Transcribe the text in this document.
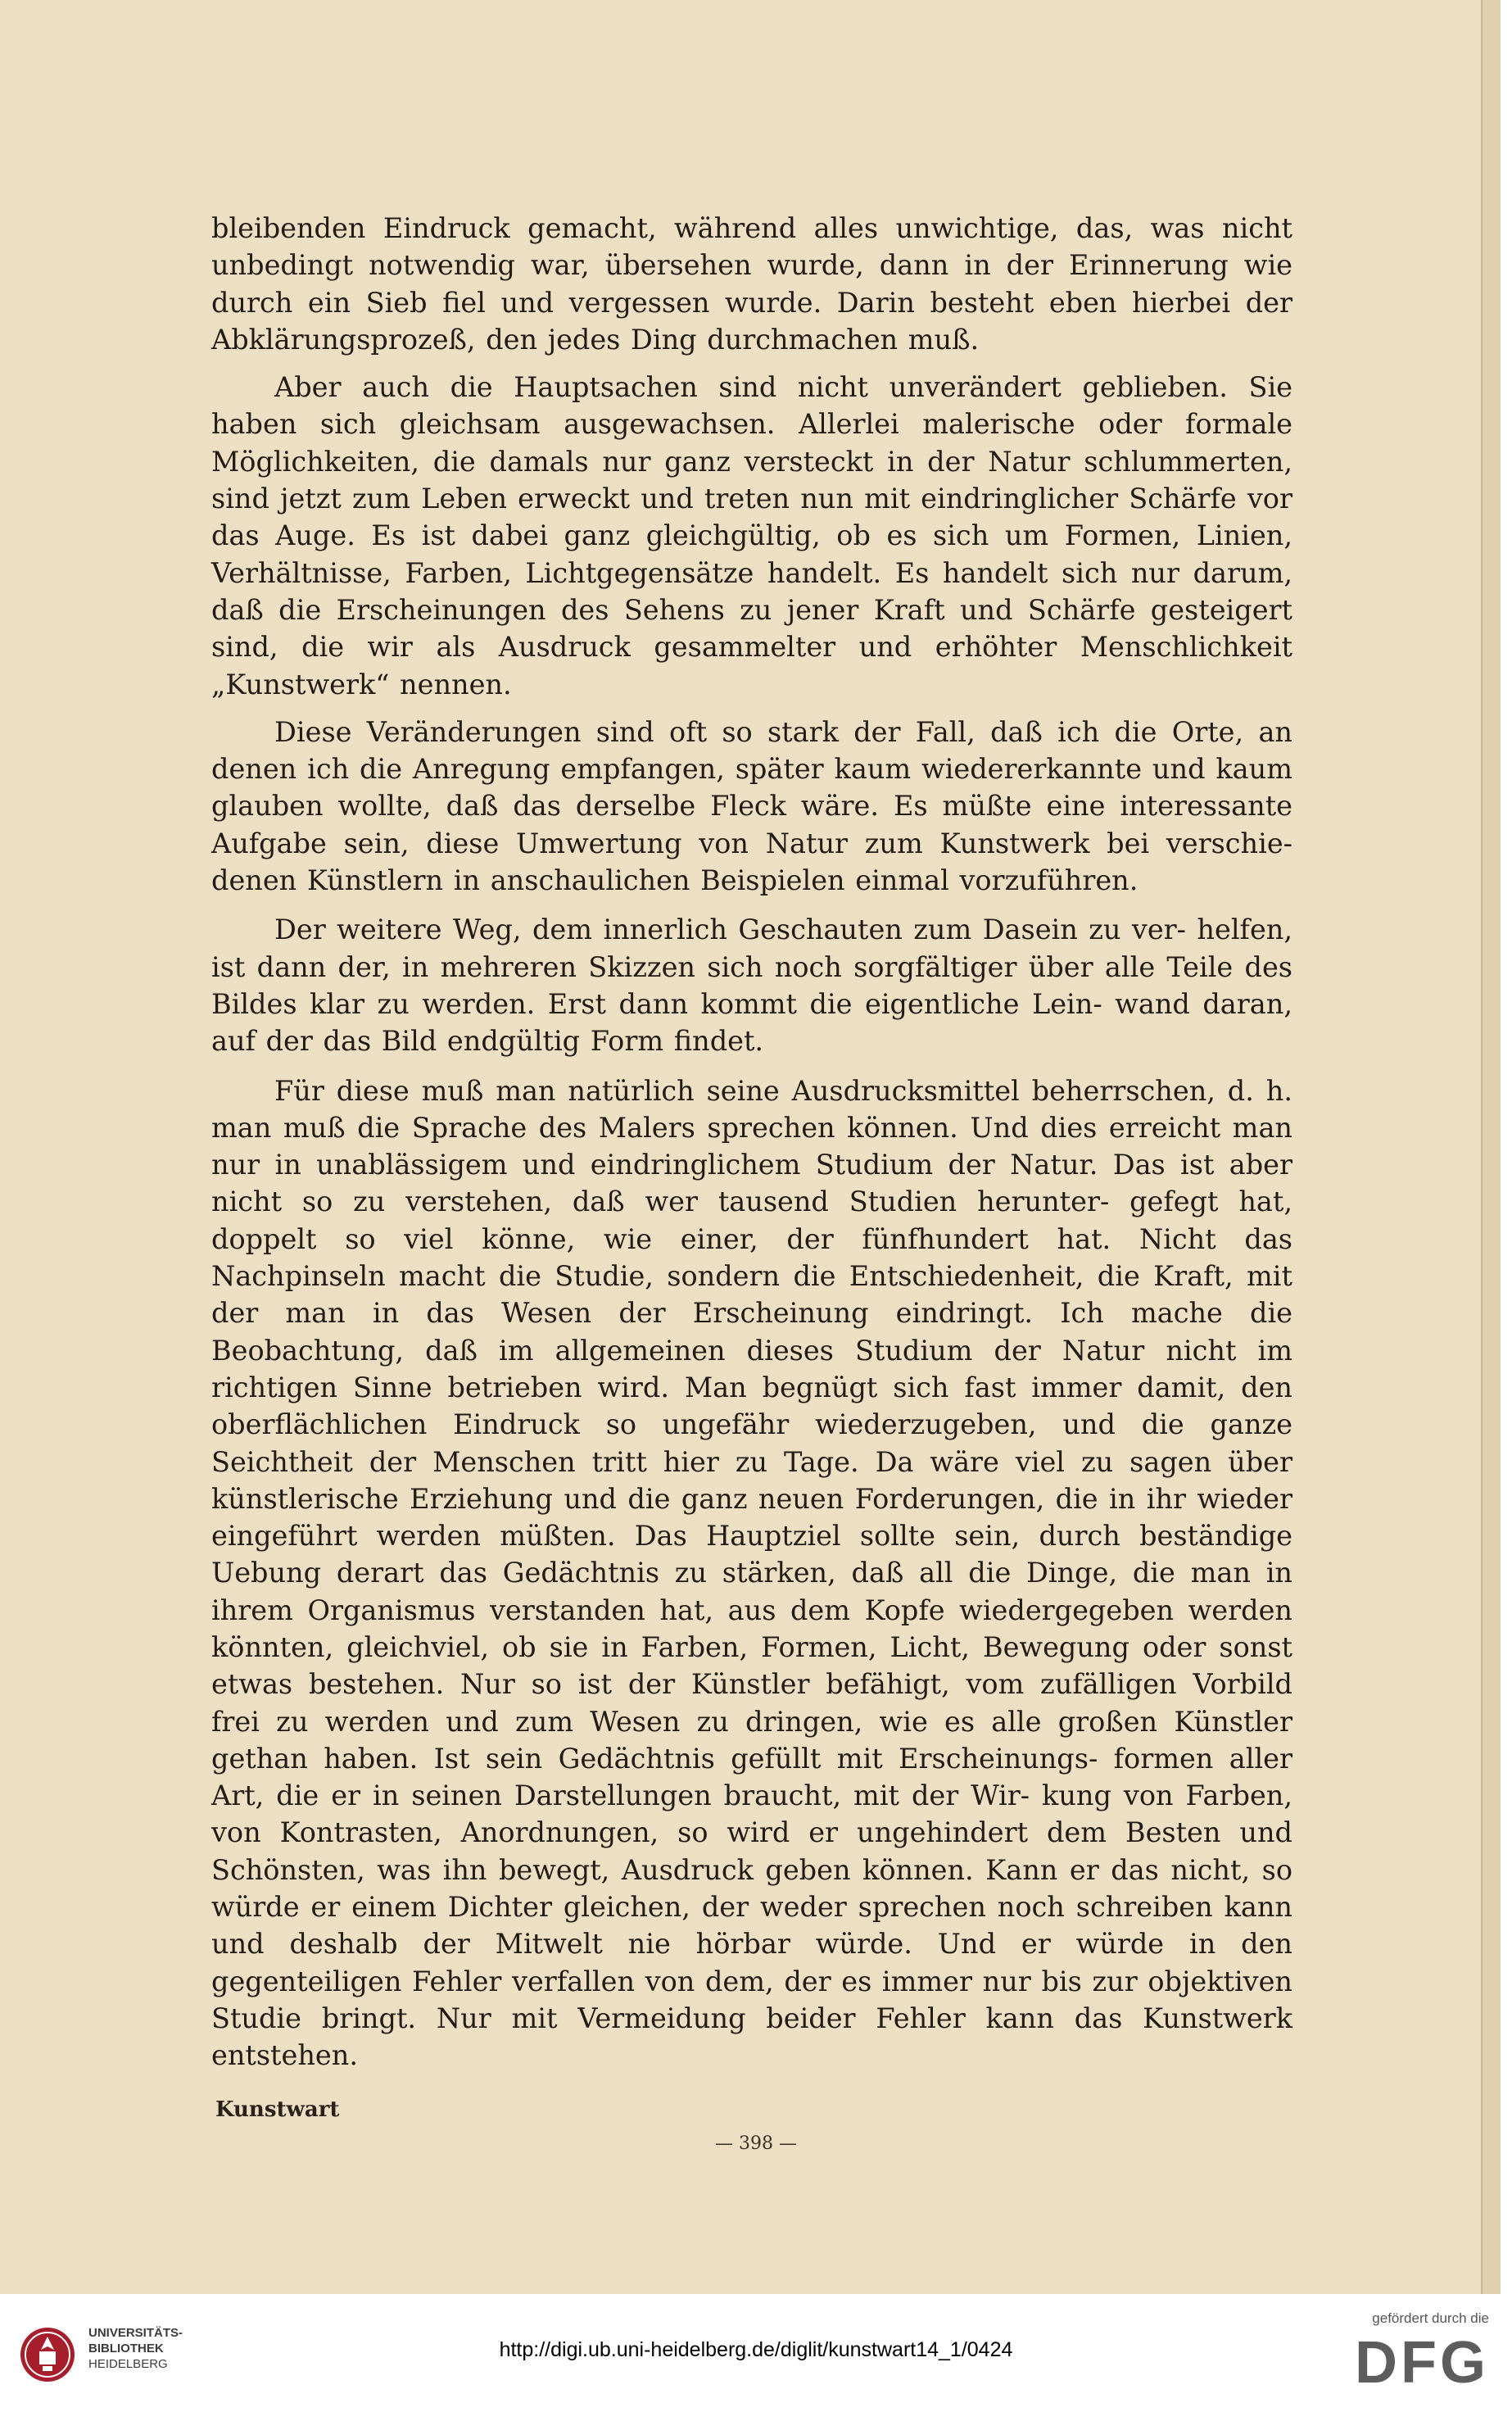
bleibenden Eindruck gemacht, während alles unwichtige, das, was nicht unbedingt notwendig war, übersehen wurde, dann in der Erinnerung wie durch ein Sieb fiel und vergessen wurde. Darin besteht eben hierbei der Abklärungsprozeß, den jedes Ding durchmachen muß.

Aber auch die Hauptsachen sind nicht unverändert geblieben. Sie haben sich gleichsam ausgewachsen. Allerlei malerische oder formale Möglichkeiten, die damals nur ganz versteckt in der Natur schlummerten, sind jetzt zum Leben erweckt und treten nun mit eindringlicher Schärfe vor das Auge. Es ist dabei ganz gleichgültig, ob es sich um Formen, Linien, Verhältnisse, Farben, Lichtgegensätze handelt. Es handelt sich nur darum, daß die Erscheinungen des Sehens zu jener Kraft und Schärfe gesteigert sind, die wir als Ausdruck gesammelter und erhöhter Menschlichkeit „Kunstwerk“ nennen.

Diese Veränderungen sind oft so stark der Fall, daß ich die Orte, an denen ich die Anregung empfangen, später kaum wiedererkannte und kaum glauben wollte, daß das derselbe Fleck wäre. Es müßte eine interessante Aufgabe sein, diese Umwertung von Natur zum Kunstwerk bei verschie- denen Künstlern in anschaulichen Beispielen einmal vorzuführen.

Der weitere Weg, dem innerlich Geschauten zum Dasein zu ver- helfen, ist dann der, in mehreren Skizzen sich noch sorgfältiger über alle Teile des Bildes klar zu werden. Erst dann kommt die eigentliche Lein- wand daran, auf der das Bild endgültig Form findet.

Für diese muß man natürlich seine Ausdrucksmittel beherrschen, d. h. man muß die Sprache des Malers sprechen können. Und dies erreicht man nur in unablässigem und eindringlichem Studium der Natur. Das ist aber nicht so zu verstehen, daß wer tausend Studien herunter- gefegt hat, doppelt so viel könne, wie einer, der fünfhundert hat. Nicht das Nachpinseln macht die Studie, sondern die Entschiedenheit, die Kraft, mit der man in das Wesen der Erscheinung eindringt. Ich mache die Beobachtung, daß im allgemeinen dieses Studium der Natur nicht im richtigen Sinne betrieben wird. Man begnügt sich fast immer damit, den oberflächlichen Eindruck so ungefähr wiederzugeben, und die ganze Seichtheit der Menschen tritt hier zu Tage. Da wäre viel zu sagen über künstlerische Erziehung und die ganz neuen Forderungen, die in ihr wieder eingeführt werden müßten. Das Hauptziel sollte sein, durch beständige Uebung derart das Gedächtnis zu stärken, daß all die Dinge, die man in ihrem Organismus verstanden hat, aus dem Kopfe wiedergegeben werden könnten, gleichviel, ob sie in Farben, Formen, Licht, Bewegung oder sonst etwas bestehen. Nur so ist der Künstler befähigt, vom zufälligen Vorbild frei zu werden und zum Wesen zu dringen, wie es alle großen Künstler gethan haben. Ist sein Gedächtnis gefüllt mit Erscheinungs- formen aller Art, die er in seinen Darstellungen braucht, mit der Wir- kung von Farben, von Kontrasten, Anordnungen, so wird er ungehindert dem Besten und Schönsten, was ihn bewegt, Ausdruck geben können. Kann er das nicht, so würde er einem Dichter gleichen, der weder sprechen noch schreiben kann und deshalb der Mitwelt nie hörbar würde. Und er würde in den gegenteiligen Fehler verfallen von dem, der es immer nur bis zur objektiven Studie bringt. Nur mit Vermeidung beider Fehler kann das Kunstwerk entstehen.

Kunstwart
— 398 —
UNIVERSITÄTS-
BIBLIOTHEK
HEIDELBERG
http://digi.ub.uni-heidelberg.de/diglit/kunstwart14_1/0424
gefördert durch die
DFG
